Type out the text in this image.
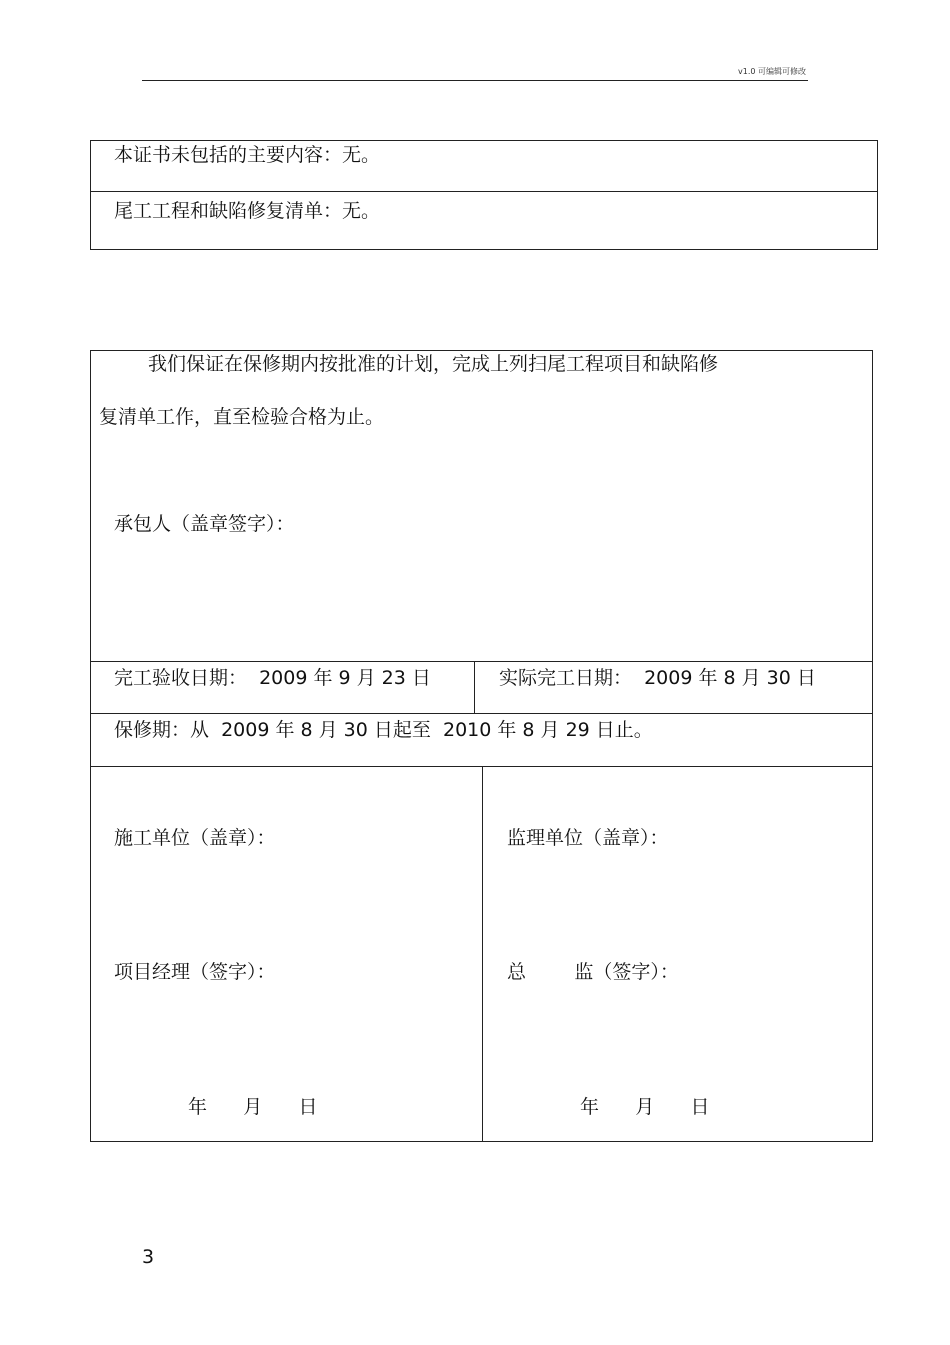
v1.0 可编辑可修改
本证书未包括的主要内容：无。
尾工工程和缺陷修复清单：无。
我们保证在保修期内按批准的计划，完成上列扫尾工程项目和缺陷修
复清单工作，直至检验合格为止。
承包人（盖章签字）：
完工验收日期：  2009 年 9 月 23 日	实际完工日期：  2009 年 8 月 30 日
保修期：从  2009 年 8 月 30 日起至  2010 年 8 月 29 日止。
施工单位（盖章）：
项目经理（签字）：
年      月      日
监理单位（盖章）：
总        监（签字）：
年      月      日
3
